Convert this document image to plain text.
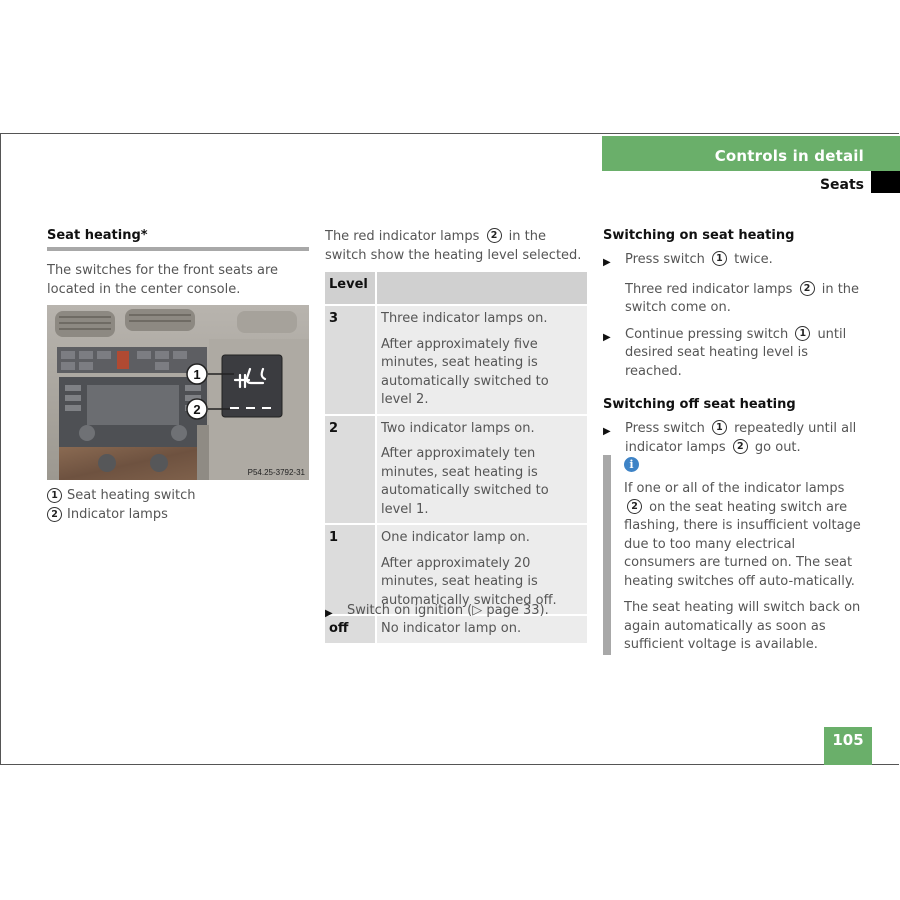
Controls in detail
Seats
Seat heating*
The switches for the front seats are located in the center console.
1
2
P54.25-3792-31
1 Seat heating switch
2 Indicator lamps
The red indicator lamps 2 in the switch show the heating level selected.
Level	
3	Three indicator lamps on.

After approximately five minutes, seat heating is automatically switched to level 2.

2	Two indicator lamps on.

After approximately ten minutes, seat heating is automatically switched to level 1.

1	One indicator lamp on.

After approximately 20 minutes, seat heating is automatically switched off.

off	No indicator lamp on.

▶	Switch on ignition (▷ page 33).
Switching on seat heating
▶	Press switch 1 twice.
Three red indicator lamps 2 in the switch come on.
▶	Continue pressing switch 1 until desired seat heating level is reached.
Switching off seat heating
▶	Press switch 1 repeatedly until all indicator lamps 2 go out.
i
If one or all of the indicator lamps 2 on the seat heating switch are flashing, there is insufficient voltage due to too many electrical consumers are turned on. The seat heating switches off auto-matically.
The seat heating will switch back on again automatically as soon as sufficient voltage is available.
105
